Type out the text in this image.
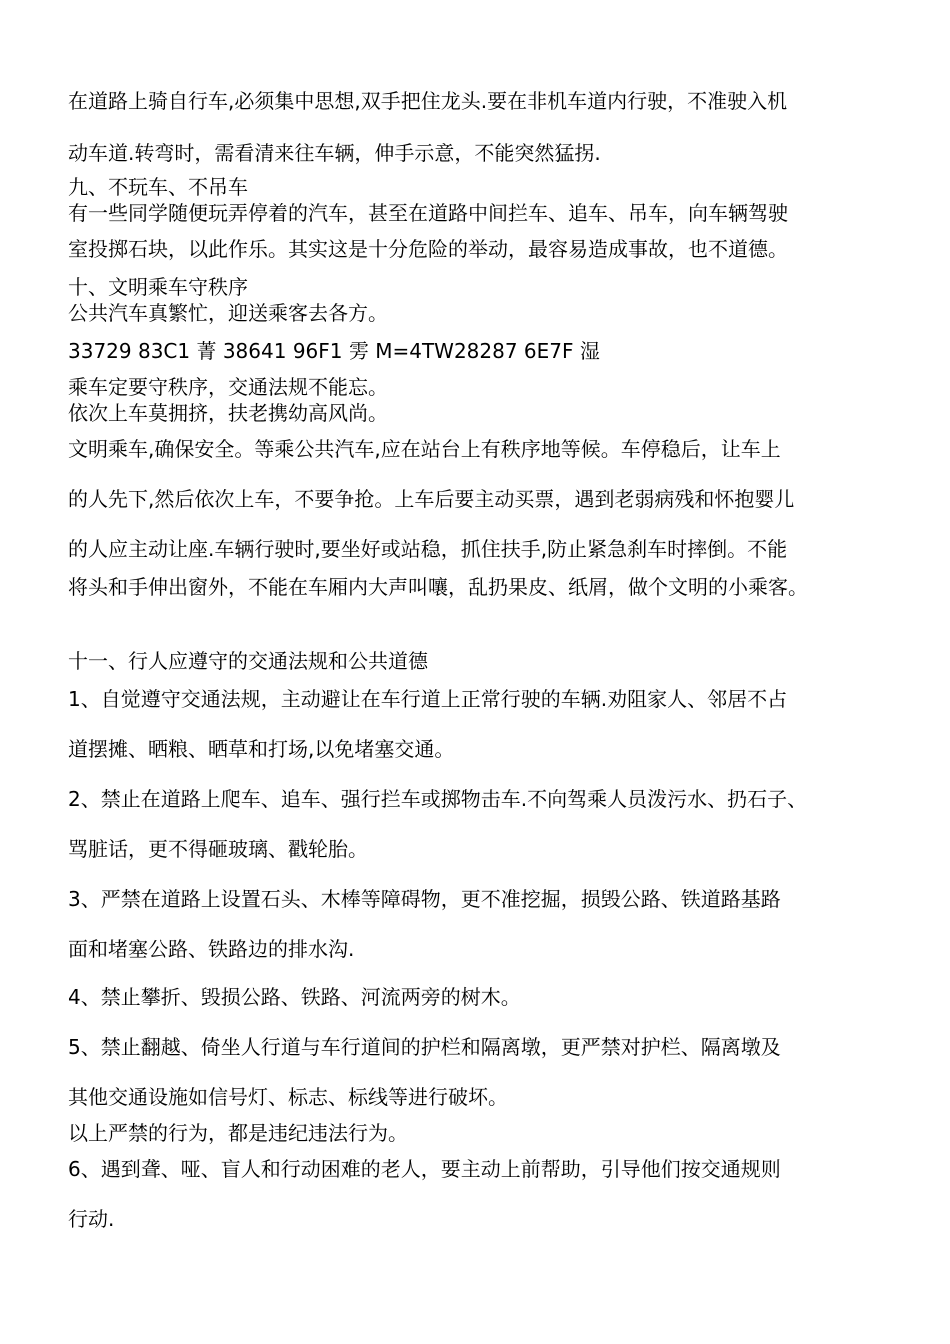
在道路上骑自行车,必须集中思想,双手把住龙头.要在非机车道内行驶，不准驶入机

动车道.转弯时，需看清来往车辆，伸手示意，不能突然猛拐.

九、不玩车、不吊车

有一些同学随便玩弄停着的汽车，甚至在道路中间拦车、追车、吊车，向车辆驾驶

室投掷石块，以此作乐。其实这是十分危险的举动，最容易造成事故，也不道德。

十、文明乘车守秩序

公共汽车真繁忙，迎送乘客去各方。

33729 83C1 菁 38641 96F1 雱 M=4TW28287 6E7F 湿

乘车定要守秩序，交通法规不能忘。

依次上车莫拥挤，扶老携幼高风尚。

文明乘车,确保安全。等乘公共汽车,应在站台上有秩序地等候。车停稳后，让车上

的人先下,然后依次上车，不要争抢。上车后要主动买票，遇到老弱病残和怀抱婴儿

的人应主动让座.车辆行驶时,要坐好或站稳，抓住扶手,防止紧急刹车时摔倒。不能

将头和手伸出窗外，不能在车厢内大声叫嚷，乱扔果皮、纸屑，做个文明的小乘客。

十一、行人应遵守的交通法规和公共道德

1、自觉遵守交通法规，主动避让在车行道上正常行驶的车辆.劝阻家人、邻居不占

道摆摊、晒粮、晒草和打场,以免堵塞交通。

2、禁止在道路上爬车、追车、强行拦车或掷物击车.不向驾乘人员泼污水、扔石子、

骂脏话，更不得砸玻璃、戳轮胎。

3、严禁在道路上设置石头、木棒等障碍物，更不准挖掘，损毁公路、铁道路基路

面和堵塞公路、铁路边的排水沟.

4、禁止攀折、毁损公路、铁路、河流两旁的树木。

5、禁止翻越、倚坐人行道与车行道间的护栏和隔离墩，更严禁对护栏、隔离墩及

其他交通设施如信号灯、标志、标线等进行破坏。

以上严禁的行为，都是违纪违法行为。

6、遇到聋、哑、盲人和行动困难的老人，要主动上前帮助，引导他们按交通规则

行动.
